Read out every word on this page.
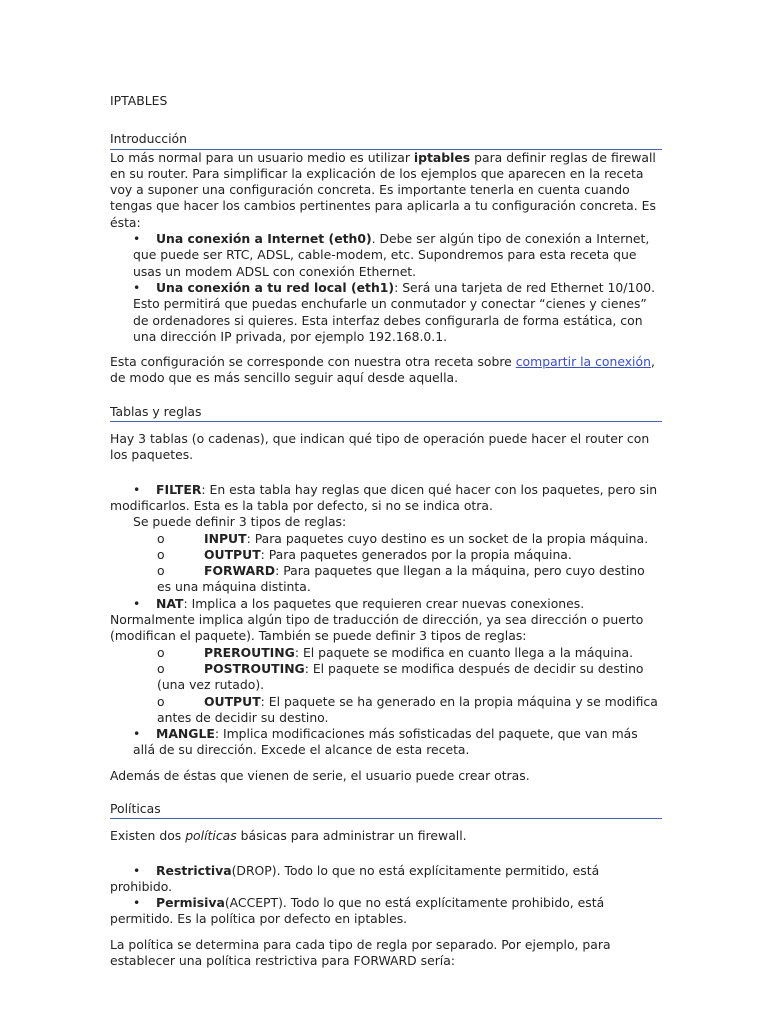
IPTABLES

Introducción

Lo más normal para un usuario medio es utilizar iptables para definir reglas de firewall en su router. Para simplificar la explicación de los ejemplos que aparecen en la receta voy a suponer una configuración concreta. Es importante tenerla en cuenta cuando tengas que hacer los cambios pertinentes para aplicarla a tu configuración concreta. Es ésta:

•	Una conexión a Internet (eth0). Debe ser algún tipo de conexión a Internet, que puede ser RTC, ADSL, cable-modem, etc. Supondremos para esta receta que usas un modem ADSL con conexión Ethernet.
•	Una conexión a tu red local (eth1): Será una tarjeta de red Ethernet 10/100. Esto permitirá que puedas enchufarle un conmutador y conectar “cienes y cienes” de ordenadores si quieres. Esta interfaz debes configurarla de forma estática, con una dirección IP privada, por ejemplo 192.168.0.1.

Esta configuración se corresponde con nuestra otra receta sobre compartir la conexión, de modo que es más sencillo seguir aquí desde aquella.

Tablas y reglas

Hay 3 tablas (o cadenas), que indican qué tipo de operación puede hacer el router con los paquetes.

• FILTER: En esta tabla hay reglas que dicen qué hacer con los paquetes, pero sin modificarlos. Esta es la tabla por defecto, si no se indica otra.
Se puede definir 3 tipos de reglas:
o	INPUT: Para paquetes cuyo destino es un socket de la propia máquina.
o	OUTPUT: Para paquetes generados por la propia máquina.
o	FORWARD: Para paquetes que llegan a la máquina, pero cuyo destino es una máquina distinta.
• NAT: Implica a los paquetes que requieren crear nuevas conexiones. Normalmente implica algún tipo de traducción de dirección, ya sea dirección o puerto (modifican el paquete). También se puede definir 3 tipos de reglas:
o	PREROUTING: El paquete se modifica en cuanto llega a la máquina.
o	POSTROUTING: El paquete se modifica después de decidir su destino (una vez rutado).
o	OUTPUT: El paquete se ha generado en la propia máquina y se modifica antes de decidir su destino.
• MANGLE: Implica modificaciones más sofisticadas del paquete, que van más allá de su dirección. Excede el alcance de esta receta.

Además de éstas que vienen de serie, el usuario puede crear otras.

Políticas

Existen dos políticas básicas para administrar un firewall.

• Restrictiva(DROP). Todo lo que no está explícitamente permitido, está prohibido.
• Permisiva(ACCEPT). Todo lo que no está explícitamente prohibido, está permitido. Es la política por defecto en iptables.

La política se determina para cada tipo de regla por separado. Por ejemplo, para establecer una política restrictiva para FORWARD sería:
